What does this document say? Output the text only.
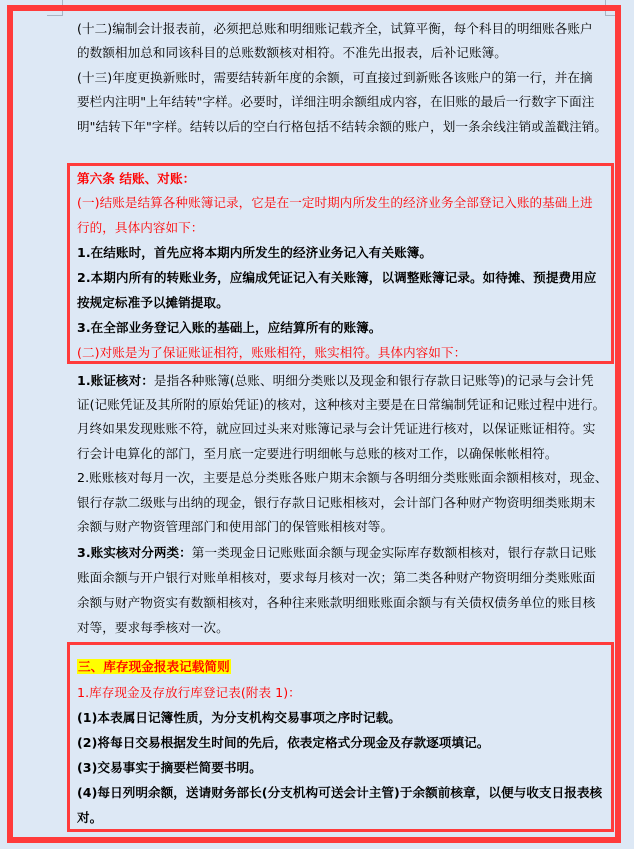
(十二)编制会计报表前，必须把总账和明细账记载齐全，试算平衡，每个科目的明细账各账户
的数额相加总和同该科目的总账数额核对相符。不准先出报表，后补记账簿。
(十三)年度更换新账时，需要结转新年度的余额，可直接过到新账各该账户的第一行，并在摘
要栏内注明"上年结转"字样。必要时，详细注明余额组成内容，在旧账的最后一行数字下面注
明"结转下年"字样。结转以后的空白行格包括不结转余额的账户，划一条余线注销或盖戳注销。
第六条 结账、对账：
(一)结账是结算各种账簿记录，它是在一定时期内所发生的经济业务全部登记入账的基础上进
行的，具体内容如下：
1.在结账时，首先应将本期内所发生的经济业务记入有关账簿。
2.本期内所有的转账业务，应编成凭证记入有关账簿，以调整账簿记录。如待摊、预提费用应
按规定标准予以摊销提取。
3.在全部业务登记入账的基础上，应结算所有的账簿。
(二)对账是为了保证账证相符，账账相符，账实相符。具体内容如下：
1.账证核对：是指各种账簿(总账、明细分类账以及现金和银行存款日记账等)的记录与会计凭
证(记账凭证及其所附的原始凭证)的核对，这种核对主要是在日常编制凭证和记账过程中进行。
月终如果发现账账不符，就应回过头来对账簿记录与会计凭证进行核对，以保证账证相符。实
行会计电算化的部门，至月底一定要进行明细帐与总账的核对工作，以确保帐帐相符。
2.账账核对每月一次，主要是总分类账各账户期末余额与各明细分类账账面余额相核对，现金、
银行存款二级账与出纳的现金，银行存款日记账相核对，会计部门各种财产物资明细类账期末
余额与财产物资管理部门和使用部门的保管账相核对等。
3.账实核对分两类：第一类现金日记账账面余额与现金实际库存数额相核对，银行存款日记账
账面余额与开户银行对账单相核对，要求每月核对一次；第二类各种财产物资明细分类账账面
余额与财产物资实有数额相核对，各种往来账款明细账账面余额与有关债权债务单位的账目核
对等，要求每季核对一次。
三、库存现金报表记载简则
1.库存现金及存放行库登记表(附表 1)：
(1)本表属日记簿性质，为分支机构交易事项之序时记载。
(2)将每日交易根据发生时间的先后，依表定格式分现金及存款逐项填记。
(3)交易事实于摘要栏简要书明。
(4)每日列明余额，送请财务部长(分支机构可送会计主管)于余额前核章，以便与收支日报表核
对。
